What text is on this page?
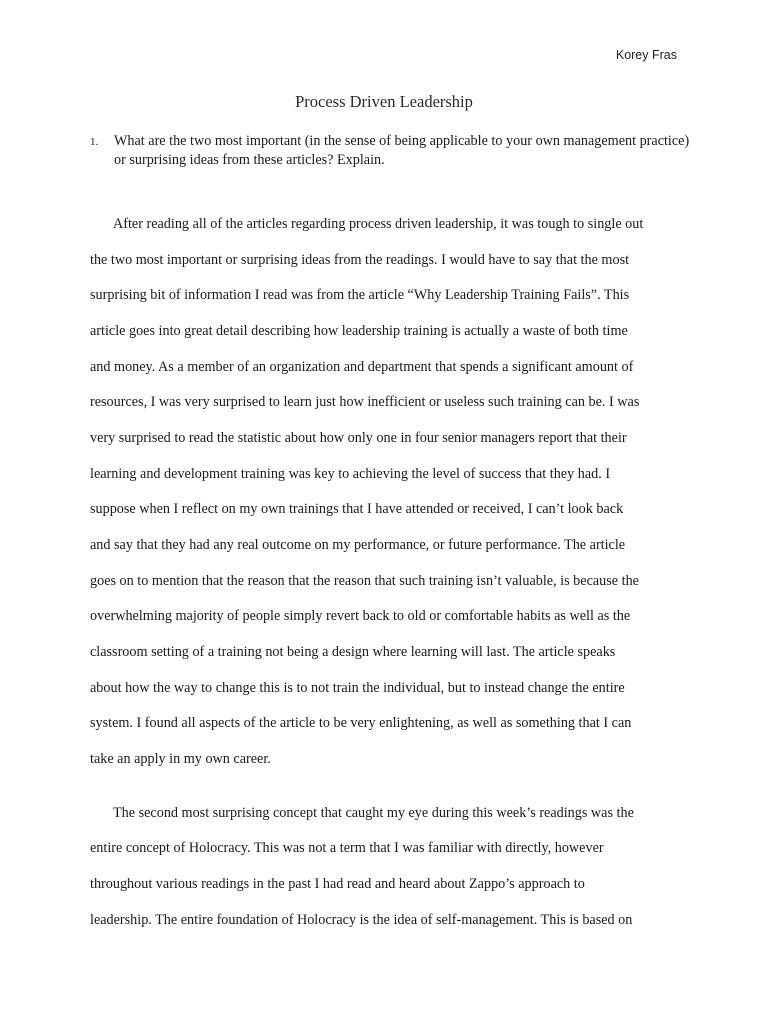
Korey Fras
Process Driven Leadership
1. What are the two most important (in the sense of being applicable to your own management practice) or surprising ideas from these articles? Explain.
After reading all of the articles regarding process driven leadership, it was tough to single out
the two most important or surprising ideas from the readings. I would have to say that the most
surprising bit of information I read was from the article “Why Leadership Training Fails”. This
article goes into great detail describing how leadership training is actually a waste of both time
and money. As a member of an organization and department that spends a significant amount of
resources, I was very surprised to learn just how inefficient or useless such training can be. I was
very surprised to read the statistic about how only one in four senior managers report that their
learning and development training was key to achieving the level of success that they had. I
suppose when I reflect on my own trainings that I have attended or received, I can’t look back
and say that they had any real outcome on my performance, or future performance. The article
goes on to mention that the reason that the reason that such training isn’t valuable, is because the
overwhelming majority of people simply revert back to old or comfortable habits as well as the
classroom setting of a training not being a design where learning will last. The article speaks
about how the way to change this is to not train the individual, but to instead change the entire
system. I found all aspects of the article to be very enlightening, as well as something that I can
take an apply in my own career.
The second most surprising concept that caught my eye during this week’s readings was the
entire concept of Holocracy. This was not a term that I was familiar with directly, however
throughout various readings in the past I had read and heard about Zappo’s approach to
leadership. The entire foundation of Holocracy is the idea of self-management. This is based on
